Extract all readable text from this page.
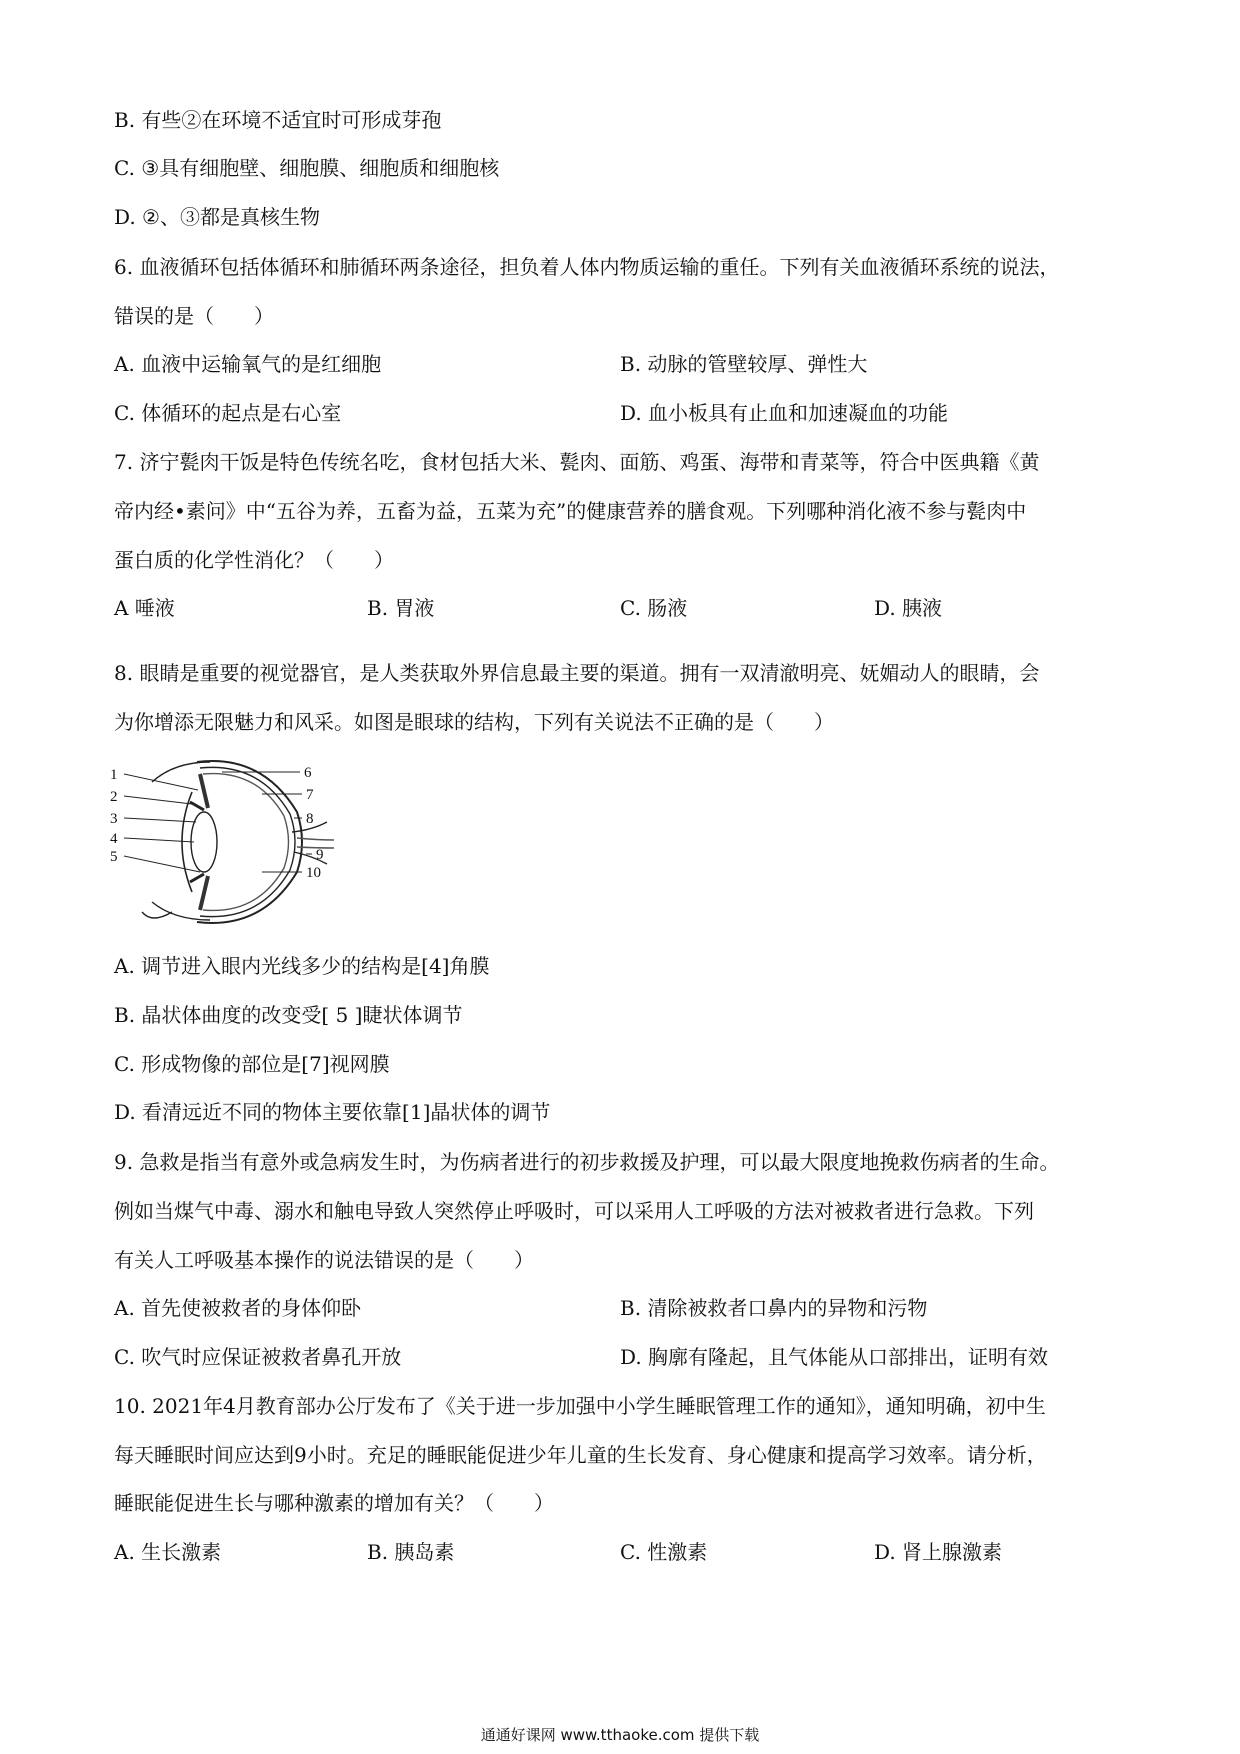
B. 有些②在环境不适宜时可形成芽孢
C. ③具有细胞壁、细胞膜、细胞质和细胞核
D. ②、③都是真核生物
6. 血液循环包括体循环和肺循环两条途径，担负着人体内物质运输的重任。下列有关血液循环系统的说法，
错误的是（　　）
A. 血液中运输氧气的是红细胞	B. 动脉的管壁较厚、弹性大
C. 体循环的起点是右心室	D. 血小板具有止血和加速凝血的功能
7. 济宁甏肉干饭是特色传统名吃，食材包括大米、甏肉、面筋、鸡蛋、海带和青菜等，符合中医典籍《黄
帝内经•素问》中“五谷为养，五畜为益，五菜为充”的健康营养的膳食观。下列哪种消化液不参与甏肉中
蛋白质的化学性消化？（　　）
A 唾液	B. 胃液	C. 肠液	D. 胰液
8. 眼睛是重要的视觉器官，是人类获取外界信息最主要的渠道。拥有一双清澈明亮、妩媚动人的眼睛，会
为你增添无限魅力和风采。如图是眼球的结构，下列有关说法不正确的是（　　）
1
2
3
4
5
6
7
8
9
10
A. 调节进入眼内光线多少的结构是[4]角膜
B. 晶状体曲度的改变受[ 5 ]睫状体调节
C. 形成物像的部位是[7]视网膜
D. 看清远近不同的物体主要依靠[1]晶状体的调节
9. 急救是指当有意外或急病发生时，为伤病者进行的初步救援及护理，可以最大限度地挽救伤病者的生命。
例如当煤气中毒、溺水和触电导致人突然停止呼吸时，可以采用人工呼吸的方法对被救者进行急救。下列
有关人工呼吸基本操作的说法错误的是（　　）
A. 首先使被救者的身体仰卧	B. 清除被救者口鼻内的异物和污物
C. 吹气时应保证被救者鼻孔开放	D. 胸廓有隆起，且气体能从口部排出，证明有效
10. 2021年4月教育部办公厅发布了《关于进一步加强中小学生睡眠管理工作的通知》，通知明确，初中生
每天睡眠时间应达到9小时。充足的睡眠能促进少年儿童的生长发育、身心健康和提高学习效率。请分析，
睡眠能促进生长与哪种激素的增加有关？（　　）
A. 生长激素	B. 胰岛素	C. 性激素	D. 肾上腺激素
通通好课网 www.tthaoke.com 提供下载
